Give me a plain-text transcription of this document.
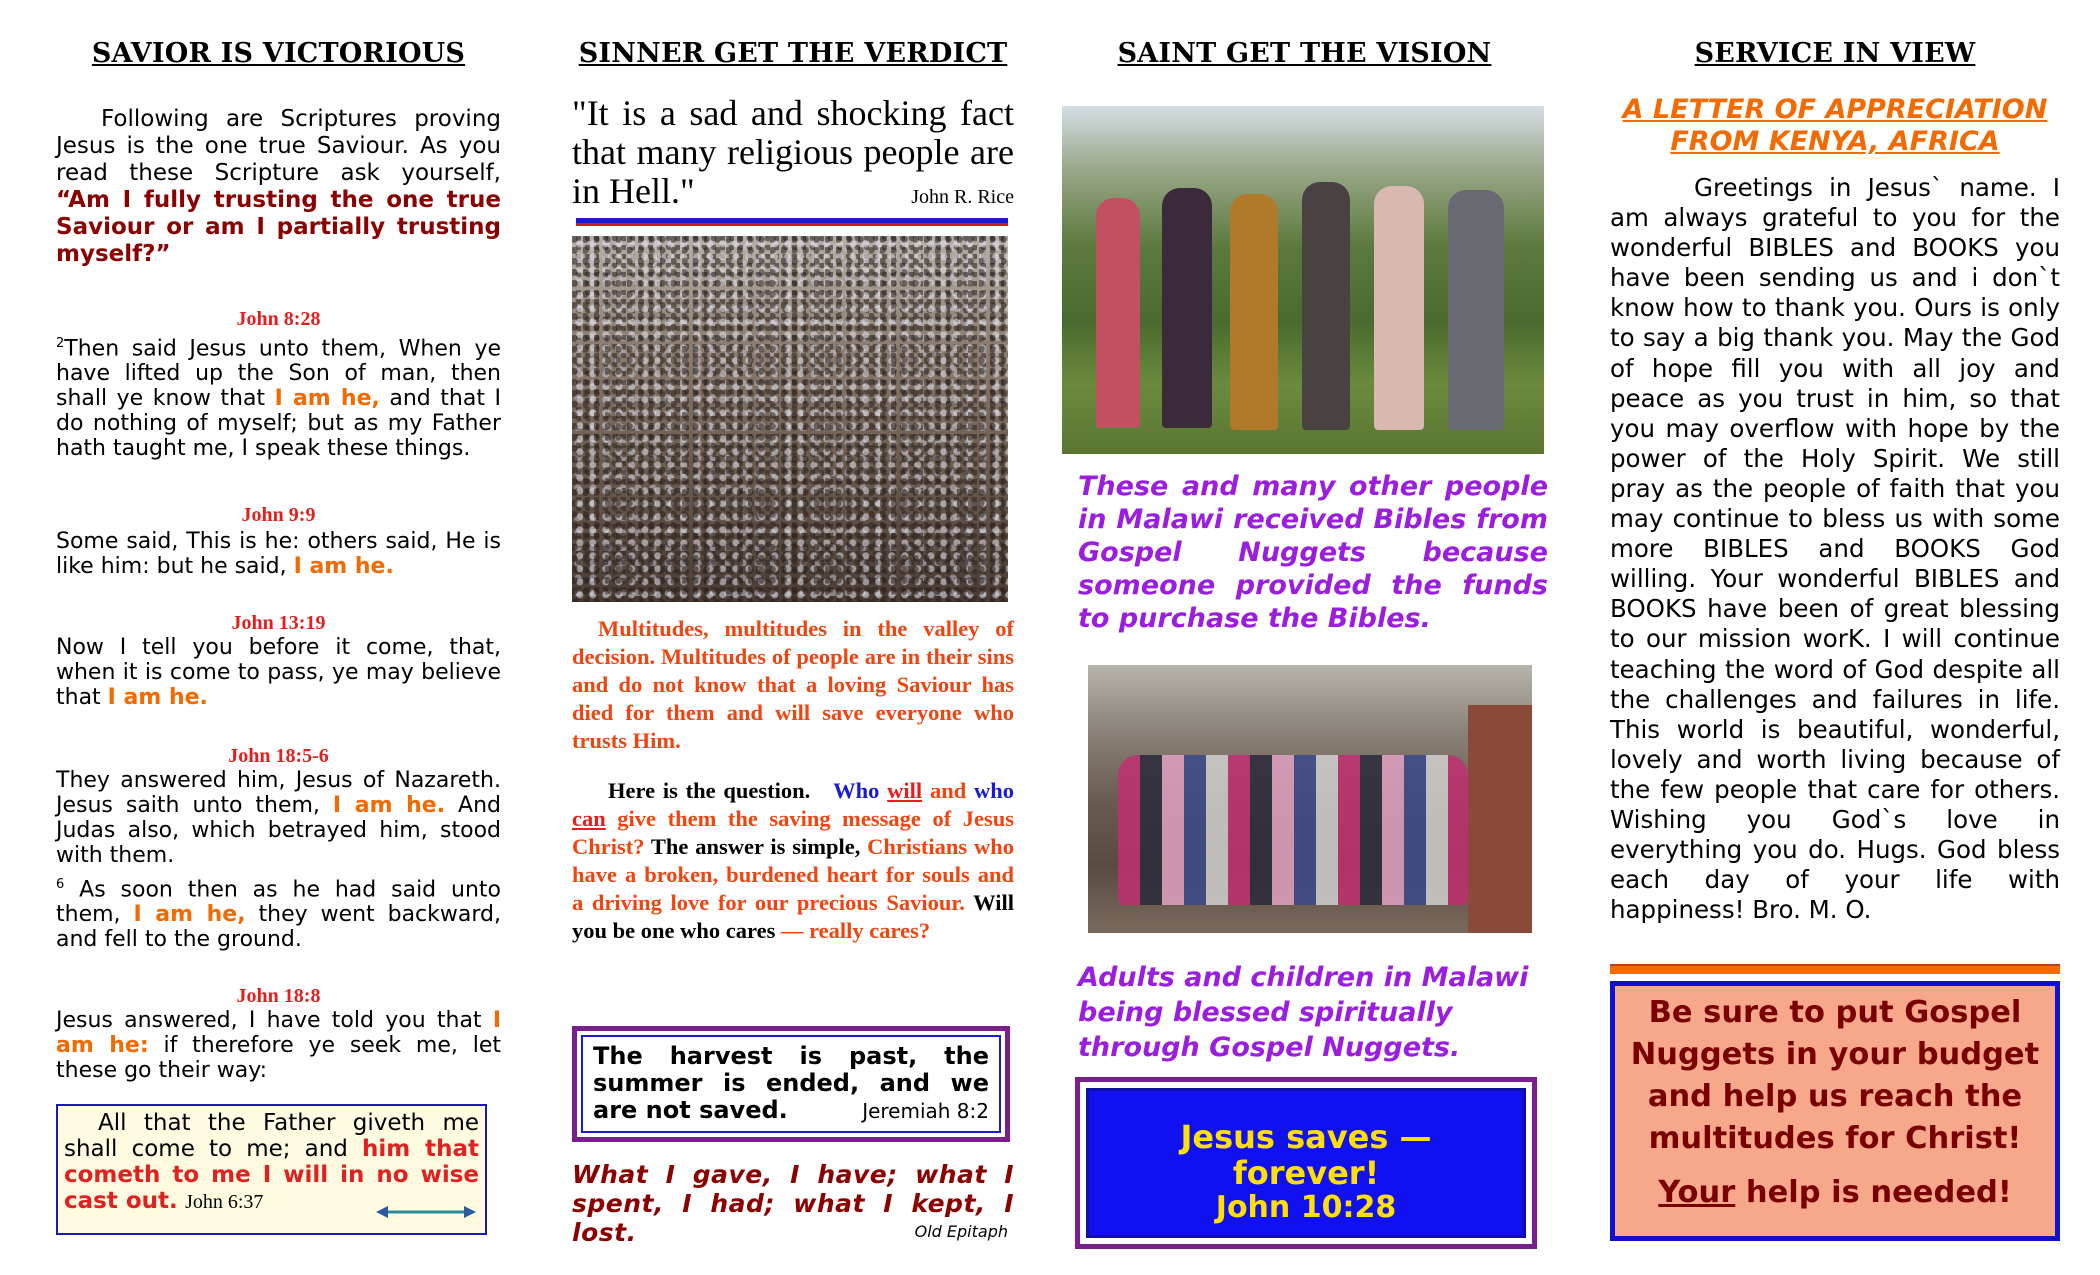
SAVIOR IS VICTORIOUS
Following are Scriptures proving Jesus is the one true Saviour. As you read these Scripture ask yourself, “Am I fully trusting the one true Saviour or am I partially trusting myself?”
John 8:28
$^2$Then said Jesus unto them, When ye have lifted up the Son of man, then shall ye know that I am he, and that I do nothing of myself; but as my Father hath taught me, I speak these things.
John 9:9
Some said, This is he: others said, He is like him: but he said, I am he.
John 13:19
Now I tell you before it come, that, when it is come to pass, ye may believe that I am he.
John 18:5-6
They answered him, Jesus of Nazareth. Jesus saith unto them, I am he. And Judas also, which betrayed him, stood with them.
$^6$ As soon then as he had said unto them, I am he, they went backward, and fell to the ground.
John 18:8
Jesus answered, I have told you that I am he: if therefore ye seek me, let these go their way:
All that the Father giveth me shall come to me; and him that cometh to me I will in no wise cast out. John 6:37
SINNER GET THE VERDICT
"It is a sad and shocking fact that many religious people are in Hell."	John R. Rice
Multitudes, multitudes in the valley of decision. Multitudes of people are in their sins and do not know that a loving Saviour has died for them and will save everyone who trusts Him.
Here is the question. Who will and who can give them the saving message of Jesus Christ? The answer is simple, Christians who have a broken, burdened heart for souls and a driving love for our precious Saviour. Will you be one who cares — really cares?
The harvest is past, the summer is ended, and we are not saved.	Jeremiah 8:2
What I gave, I have; what I spent, I had; what I kept, I lost.	Old Epitaph
SAINT GET THE VISION
These and many other people in Malawi received Bibles from Gospel Nuggets because someone provided the funds to purchase the Bibles.
Adults and children in Malawi being blessed spiritually through Gospel Nuggets.
Jesus saves —
forever!
John 10:28
SERVICE IN VIEW
A LETTER OF APPRECIATION
FROM KENYA, AFRICA
Greetings in Jesus` name. I am always grateful to you for the wonderful BIBLES and BOOKS you have been sending us and i don`t know how to thank you. Ours is only to say a big thank you. May the God of hope fill you with all joy and peace as you trust in him, so that you may overflow with hope by the power of the Holy Spirit. We still pray as the people of faith that you may continue to bless us with some more BIBLES and BOOKS God willing. Your wonderful BIBLES and BOOKS have been of great blessing to our mission worK. I will continue teaching the word of God despite all the challenges and failures in life. This world is beautiful, wonderful, lovely and worth living because of the few people that care for others. Wishing you God`s love in everything you do. Hugs. God bless each day of your life with happiness! Bro. M. O.
Be sure to put Gospel Nuggets in your budget and help us reach the multitudes for Christ!
Your help is needed!
